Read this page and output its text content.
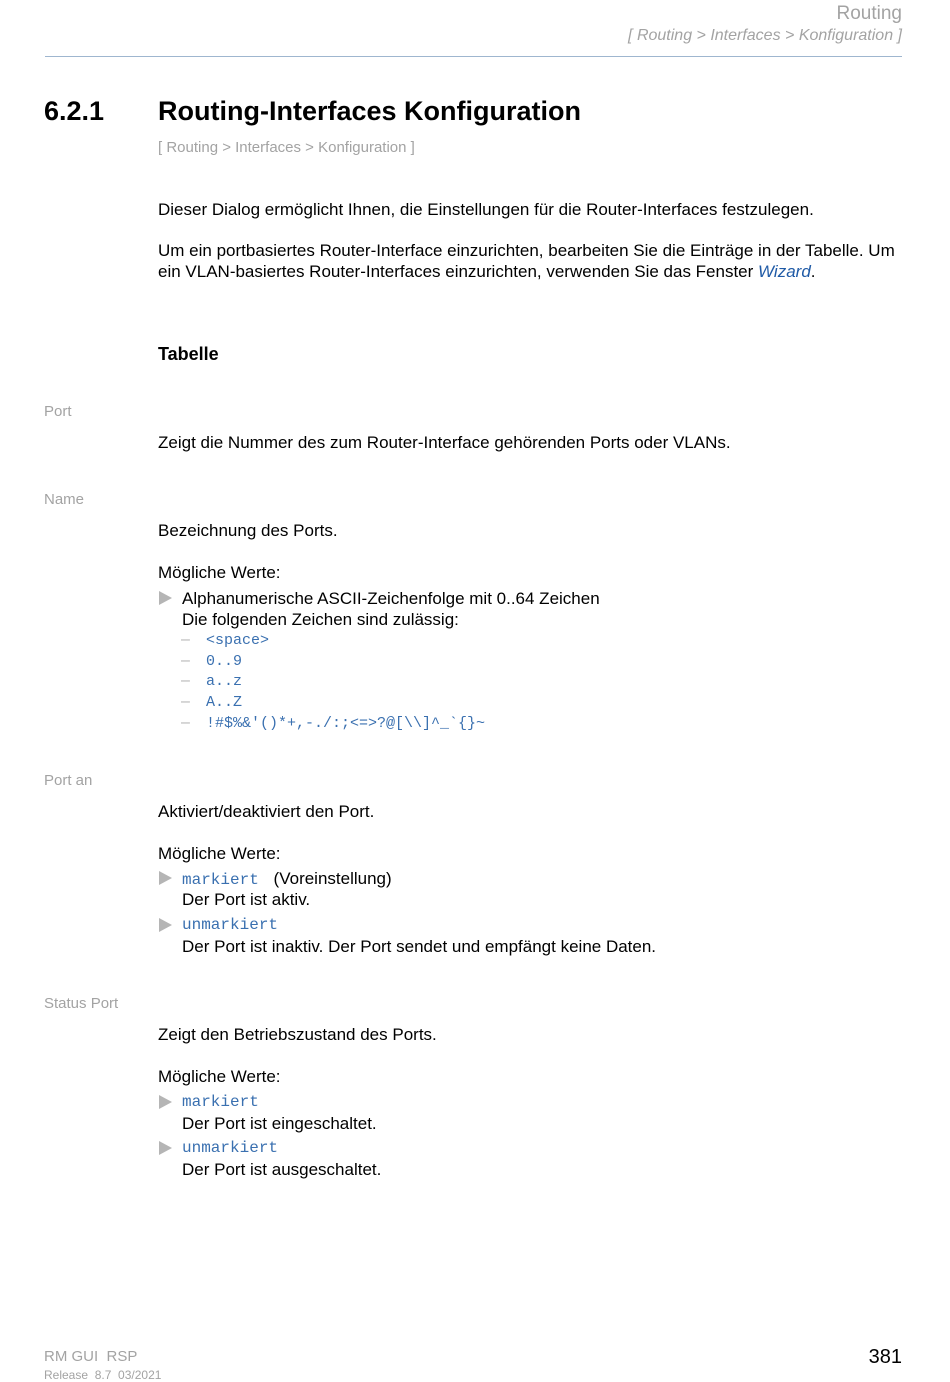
Routing
[ Routing > Interfaces > Konfiguration ]
6.2.1 Routing-Interfaces Konfiguration
[ Routing > Interfaces > Konfiguration ]
Dieser Dialog ermöglicht Ihnen, die Einstellungen für die Router-Interfaces festzulegen.
Um ein portbasiertes Router-Interface einzurichten, bearbeiten Sie die Einträge in der Tabelle. Um
ein VLAN-basiertes Router-Interfaces einzurichten, verwenden Sie das Fenster Wizard.
Tabelle
Port
Zeigt die Nummer des zum Router-Interface gehörenden Ports oder VLANs.
Name
Bezeichnung des Ports.
Mögliche Werte:
Alphanumerische ASCII-Zeichenfolge mit 0..64 Zeichen
Die folgenden Zeichen sind zulässig:
– <space>
– 0..9
– a..z
– A..Z
– !#$%&'()*+,-./:;<=>?@[\\]^_`{}~
Port an
Aktiviert/deaktiviert den Port.
Mögliche Werte:
markiert (Voreinstellung)
Der Port ist aktiv.
unmarkiert
Der Port ist inaktiv. Der Port sendet und empfängt keine Daten.
Status Port
Zeigt den Betriebszustand des Ports.
Mögliche Werte:
markiert
Der Port ist eingeschaltet.
unmarkiert
Der Port ist ausgeschaltet.
RM GUI  RSP
Release  8.7  03/2021
381
